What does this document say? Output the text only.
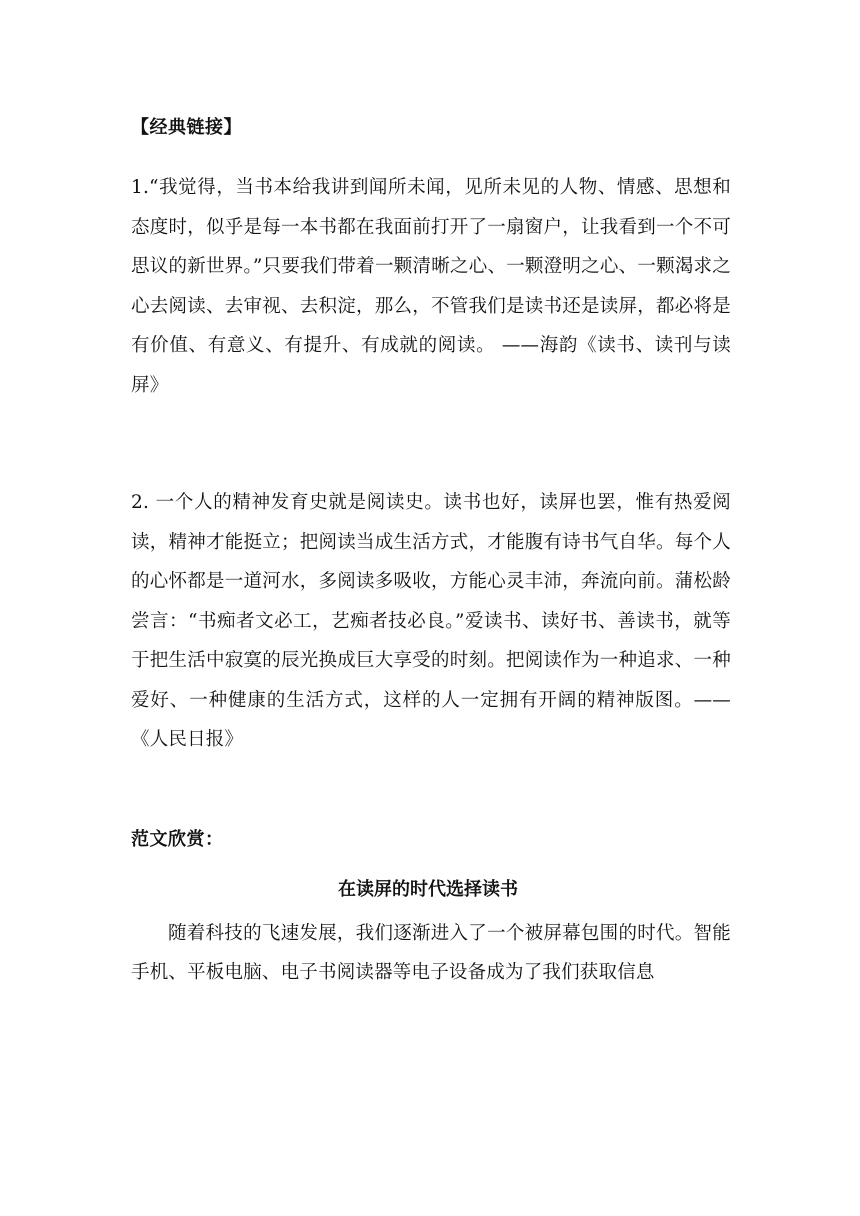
【经典链接】

1.“我觉得，当书本给我讲到闻所未闻，见所未见的人物、情感、思想和态度时，似乎是每一本书都在我面前打开了一扇窗户，让我看到一个不可思议的新世界。”只要我们带着一颗清晰之心、一颗澄明之心、一颗渴求之心去阅读、去审视、去积淀，那么，不管我们是读书还是读屏，都必将是有价值、有意义、有提升、有成就的阅读。 ——海韵《读书、读刊与读屏》

2. 一个人的精神发育史就是阅读史。读书也好，读屏也罢，惟有热爱阅读，精神才能挺立；把阅读当成生活方式，才能腹有诗书气自华。每个人的心怀都是一道河水，多阅读多吸收，方能心灵丰沛，奔流向前。蒲松龄尝言：“书痴者文必工，艺痴者技必良。”爱读书、读好书、善读书，就等于把生活中寂寞的辰光换成巨大享受的时刻。把阅读作为一种追求、一种爱好、一种健康的生活方式，这样的人一定拥有开阔的精神版图。——《人民日报》

范文欣赏：

在读屏的时代选择读书

随着科技的飞速发展，我们逐渐进入了一个被屏幕包围的时代。智能手机、平板电脑、电子书阅读器等电子设备成为了我们获取信息
